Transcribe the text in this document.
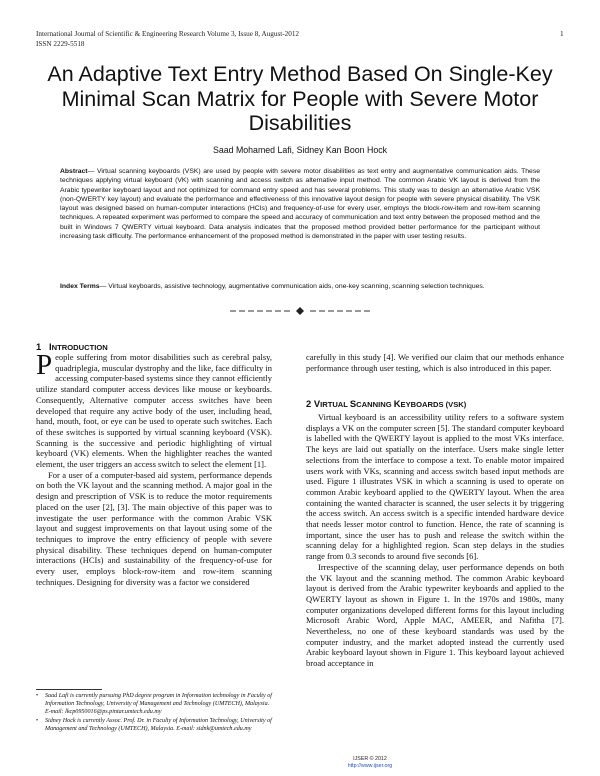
International Journal of Scientific & Engineering Research Volume 3, Issue 8, August-2012
ISSN 2229-5518
1
An Adaptive Text Entry Method Based On Single-Key Minimal Scan Matrix for People with Severe Motor Disabilities
Saad Mohamed Lafi, Sidney Kan Boon Hock
Abstract— Virtual scanning keyboards (VSK) are used by people with severe motor disabilities as text entry and augmentative communication aids. These techniques applying virtual keyboard (VK) with scanning and access switch as alternative input method. The common Arabic VK layout is derived from the Arabic typewriter keyboard layout and not optimized for command entry speed and has several problems. This study was to design an alternative Arabic VSK (non-QWERTY key layout) and evaluate the performance and effectiveness of this innovative layout design for people with severe physical disability. The VSK layout was designed based on human-computer interactions (HCIs) and frequency-of-use for every user, employs the block-row-item and row-item scanning techniques. A repeated experiment was performed to compare the speed and accuracy of communication and text entry between the proposed method and the built in Windows 7 QWERTY virtual keyboard. Data analysis indicates that the proposed method provided better performance for the participant without increasing task difficulty. The performance enhancement of the proposed method is demonstrated in the paper with user testing results.
Index Terms— Virtual keyboards, assistive technology, augmentative communication aids, one-key scanning, scanning selection techniques.
1 INTRODUCTION

People suffering from motor disabilities such as cerebral palsy, quadriplegia, muscular dystrophy and the like, face difficulty in accessing computer-based systems since they cannot efficiently utilize standard computer access devices like mouse or keyboards. Consequently, Alternative computer access switches have been developed that require any active body of the user, including head, hand, mouth, foot, or eye can be used to operate such switches. Each of these switches is supported by virtual scanning keyboard (VSK). Scanning is the successive and periodic highlighting of virtual keyboard (VK) elements. When the highlighter reaches the wanted element, the user triggers an access switch to select the element [1].

For a user of a computer-based aid system, performance depends on both the VK layout and the scanning method. A major goal in the design and prescription of VSK is to reduce the motor requirements placed on the user [2], [3]. The main objective of this paper was to investigate the user performance with the common Arabic VSK layout and suggest improvements on that layout using some of the techniques to improve the entry efficiency of people with severe physical disability. These techniques depend on human-computer interactions (HCIs) and sustainability of the frequency-of-use for every user, employs block-row-item and row-item scanning techniques. Designing for diversity was a factor we considered

carefully in this study [4]. We verified our claim that our methods enhance performance through user testing, which is also introduced in this paper.

2 VIRTUAL SCANNING KEYBOARDS (VSK)

Virtual keyboard is an accessibility utility refers to a software system displays a VK on the computer screen [5]. The standard computer keyboard is labelled with the QWERTY layout is applied to the most VKs interface. The keys are laid out spatially on the interface. Users make single letter selections from the interface to compose a text. To enable motor impaired users work with VKs, scanning and access switch based input methods are used. Figure 1 illustrates VSK in which a scanning is used to operate on common Arabic keyboard applied to the QWERTY layout. When the area containing the wanted character is scanned, the user selects it by triggering the access switch. An access switch is a specific intended hardware device that needs lesser motor control to function. Hence, the rate of scanning is important, since the user has to push and release the switch within the scanning delay for a highlighted region. Scan step delays in the studies range from 0.3 seconds to around five seconds [6].

Irrespective of the scanning delay, user performance depends on both the VK layout and the scanning method. The common Arabic keyboard layout is derived from the Arabic typewriter keyboards and applied to the QWERTY layout as shown in Figure 1. In the 1970s and 1980s, many computer organizations developed different forms for this layout including Microsoft Arabic Word, Apple MAC, AMEER, and Nafitha [7]. Nevertheless, no one of these keyboard standards was used by the computer industry, and the market adopted instead the currently used Arabic keyboard layout shown in Figure 1. This keyboard layout achieved broad acceptance in

• Saad Lafi is currently pursuing PhD degree program in Information technology in Faculty of Information Technology, University of Management and Technology (UMTECH), Malaysia. E-mail: lkcp0950016@ps.pintar.umtech.edu.my
• Sidney Hock is currently Assoc. Prof. Dr. in Faculty of Information Technology, University of Management and Technology (UMTECH), Malaysia. E-mail: sidnk@umtech.edu.my
IJSER © 2012
http://www.ijser.org
